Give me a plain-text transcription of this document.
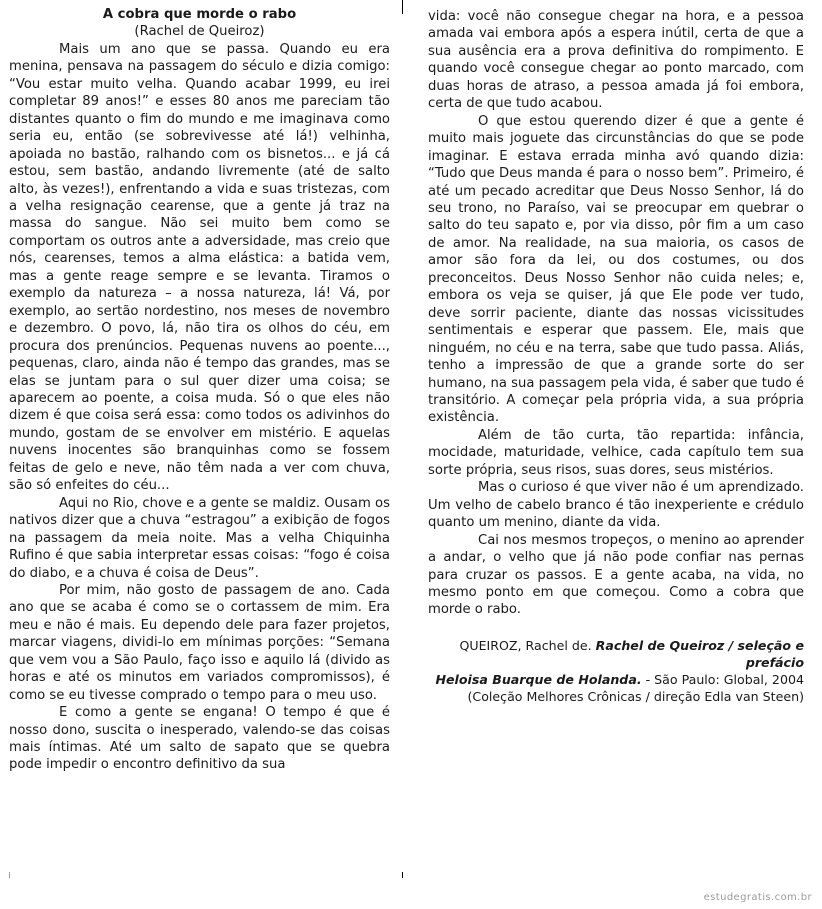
A cobra que morde o rabo

(Rachel de Queiroz)

Mais um ano que se passa. Quando eu era menina, pensava na passagem do século e dizia comigo: “Vou estar muito velha. Quando acabar 1999, eu irei completar 89 anos!” e esses 80 anos me pareciam tão distantes quanto o fim do mundo e me imaginava como seria eu, então (se sobrevivesse até lá!) velhinha, apoiada no bastão, ralhando com os bisnetos... e já cá estou, sem bastão, andando livremente (até de salto alto, às vezes!), enfrentando a vida e suas tristezas, com a velha resignação cearense, que a gente já traz na massa do sangue. Não sei muito bem como se comportam os outros ante a adversidade, mas creio que nós, cearenses, temos a alma elástica: a batida vem, mas a gente reage sempre e se levanta. Tiramos o exemplo da natureza – a nossa natureza, lá! Vá, por exemplo, ao sertão nordestino, nos meses de novembro e dezembro. O povo, lá, não tira os olhos do céu, em procura dos prenúncios. Pequenas nuvens ao poente..., pequenas, claro, ainda não é tempo das grandes, mas se elas se juntam para o sul quer dizer uma coisa; se aparecem ao poente, a coisa muda. Só o que eles não dizem é que coisa será essa: como todos os adivinhos do mundo, gostam de se envolver em mistério. E aquelas nuvens inocentes são branquinhas como se fossem feitas de gelo e neve, não têm nada a ver com chuva, são só enfeites do céu...

Aqui no Rio, chove e a gente se maldiz. Ousam os nativos dizer que a chuva “estragou” a exibição de fogos na passagem da meia noite. Mas a velha Chiquinha Rufino é que sabia interpretar essas coisas: “fogo é coisa do diabo, e a chuva é coisa de Deus”.

Por mim, não gosto de passagem de ano. Cada ano que se acaba é como se o cortassem de mim. Era meu e não é mais. Eu dependo dele para fazer projetos, marcar viagens, dividi-lo em mínimas porções: “Semana que vem vou a São Paulo, faço isso e aquilo lá (divido as horas e até os minutos em variados compromissos), é como se eu tivesse comprado o tempo para o meu uso.

E como a gente se engana! O tempo é que é nosso dono, suscita o inesperado, valendo-se das coisas mais íntimas. Até um salto de sapato que se quebra pode impedir o encontro definitivo da sua

vida: você não consegue chegar na hora, e a pessoa amada vai embora após a espera inútil, certa de que a sua ausência era a prova definitiva do rompimento. E quando você consegue chegar ao ponto marcado, com duas horas de atraso, a pessoa amada já foi embora, certa de que tudo acabou.

O que estou querendo dizer é que a gente é muito mais joguete das circunstâncias do que se pode imaginar. E estava errada minha avó quando dizia: “Tudo que Deus manda é para o nosso bem”. Primeiro, é até um pecado acreditar que Deus Nosso Senhor, lá do seu trono, no Paraíso, vai se preocupar em quebrar o salto do teu sapato e, por via disso, pôr fim a um caso de amor. Na realidade, na sua maioria, os casos de amor são fora da lei, ou dos costumes, ou dos preconceitos. Deus Nosso Senhor não cuida neles; e, embora os veja se quiser, já que Ele pode ver tudo, deve sorrir paciente, diante das nossas vicissitudes sentimentais e esperar que passem. Ele, mais que ninguém, no céu e na terra, sabe que tudo passa. Aliás, tenho a impressão de que a grande sorte do ser humano, na sua passagem pela vida, é saber que tudo é transitório. A começar pela própria vida, a sua própria existência.

Além de tão curta, tão repartida: infância, mocidade, maturidade, velhice, cada capítulo tem sua sorte própria, seus risos, suas dores, seus mistérios.

Mas o curioso é que viver não é um aprendizado. Um velho de cabelo branco é tão inexperiente e crédulo quanto um menino, diante da vida.

Cai nos mesmos tropeços, o menino ao aprender a andar, o velho que já não pode confiar nas pernas para cruzar os passos. E a gente acaba, na vida, no mesmo ponto em que começou. Como a cobra que morde o rabo.

QUEIROZ, Rachel de. Rachel de Queiroz / seleção e prefácio
Heloisa Buarque de Holanda. - São Paulo: Global, 2004
(Coleção Melhores Crônicas / direção Edla van Steen)
estudegratis.com.br
